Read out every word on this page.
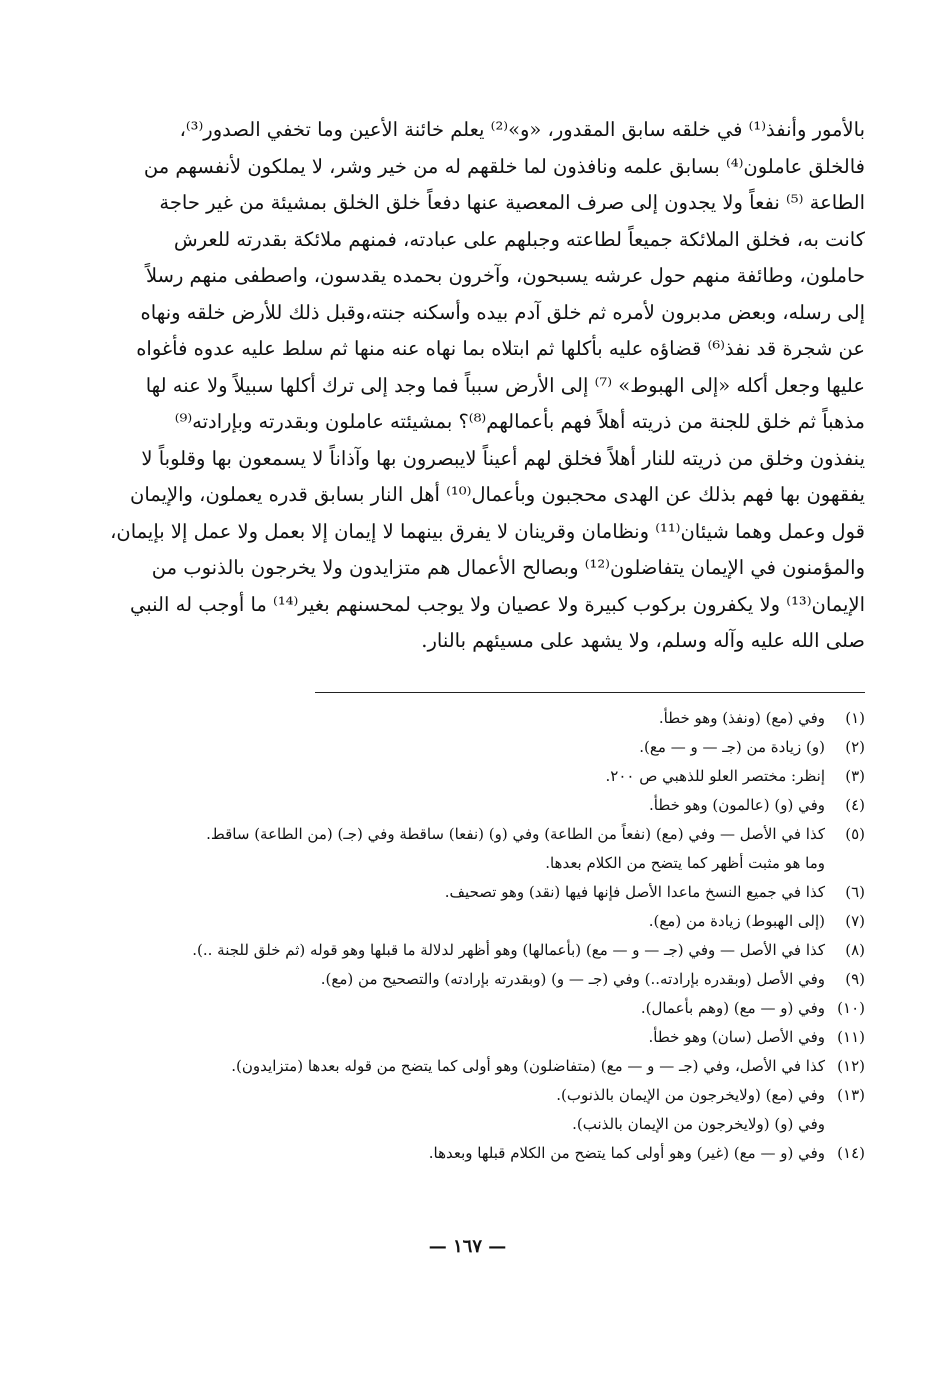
بالأمور وأنفذ⁽¹⁾ في خلقه سابق المقدور، «و»⁽²⁾ يعلم خائنة الأعين وما تخفي الصدور⁽³⁾،
فالخلق عاملون⁽⁴⁾ بسابق علمه ونافذون لما خلقهم له من خير وشر، لا يملكون لأنفسهم من
الطاعة ⁽⁵⁾ نفعاً ولا يجدون إلى صرف المعصية عنها دفعاً خلق الخلق بمشيئة من غير حاجة
كانت به، فخلق الملائكة جميعاً لطاعته وجبلهم على عبادته، فمنهم ملائكة بقدرته للعرش
حاملون، وطائفة منهم حول عرشه يسبحون، وآخرون بحمده يقدسون، واصطفى منهم رسلاً
إلى رسله، وبعض مدبرون لأمره ثم خلق آدم بيده وأسكنه جنته،وقبل ذلك للأرض خلقه ونهاه
عن شجرة قد نفذ⁽⁶⁾ قضاؤه عليه بأكلها ثم ابتلاه بما نهاه عنه منها ثم سلط عليه عدوه فأغواه
عليها وجعل أكله «إلى الهبوط» ⁽⁷⁾ إلى الأرض سبباً فما وجد إلى ترك أكلها سبيلاً ولا عنه لها
مذهباً ثم خلق للجنة من ذريته أهلاً فهم بأعمالهم⁽⁸⁾؟ بمشيئته عاملون وبقدرته وبإرادته⁽⁹⁾
ينفذون وخلق من ذريته للنار أهلاً فخلق لهم أعيناً لايبصرون بها وآذاناً لا يسمعون بها وقلوباً لا
يفقهون بها فهم بذلك عن الهدى محجبون وبأعمال⁽¹⁰⁾ أهل النار بسابق قدره يعملون، والإيمان
قول وعمل وهما شيئان⁽¹¹⁾ ونظامان وقرينان لا يفرق بينهما لا إيمان إلا بعمل ولا عمل إلا بإيمان،
والمؤمنون في الإيمان يتفاضلون⁽¹²⁾ وبصالح الأعمال هم متزايدون ولا يخرجون بالذنوب من
الإيمان⁽¹³⁾ ولا يكفرون بركوب كبيرة ولا عصيان ولا يوجب لمحسنهم بغير⁽¹⁴⁾ ما أوجب له النبي
صلى الله عليه وآله وسلم، ولا يشهد على مسيئهم بالنار.
(١)
وفي (مع) (ونفذ) وهو خطأ.
(٢)
(و) زيادة من (جـ — و — مع).
(٣)
إنظر: مختصر العلو للذهبي ص ٢٠٠.
(٤)
وفي (و) (عالمون) وهو خطأ.
(٥)
كذا في الأصل — وفي (مع) (نفعاً من الطاعة) وفي (و) (نفعا) ساقطة وفي (جـ) (من الطاعة) ساقط.
وما هو مثبت أظهر كما يتضح من الكلام بعدها.
(٦)
كذا في جميع النسخ ماعدا الأصل فإنها فيها (نقد) وهو تصحيف.
(٧)
(إلى الهبوط) زيادة من (مع).
(٨)
كذا في الأصل — وفي (جـ — و — مع) (بأعمالها) وهو أظهر لدلالة ما قبلها وهو قوله (ثم خلق للجنة ..).
(٩)
وفي الأصل (وبقدره بإرادته..) وفي (جـ — و) (وبقدرته بإرادته) والتصحيح من (مع).
(١٠)
وفي (و — مع) (وهم بأعمال).
(١١)
وفي الأصل (سان) وهو خطأ.
(١٢)
كذا في الأصل، وفي (جـ — و — مع) (متفاضلون) وهو أولى كما يتضح من قوله بعدها (متزايدون).
(١٣)
وفي (مع) (ولايخرجون من الإيمان بالذنوب).
وفي (و) (ولايخرجون من الإيمان بالذنب).
(١٤)
وفي (و — مع) (غير) وهو أولى كما يتضح من الكلام قبلها وبعدها.
— ١٦٧ —
